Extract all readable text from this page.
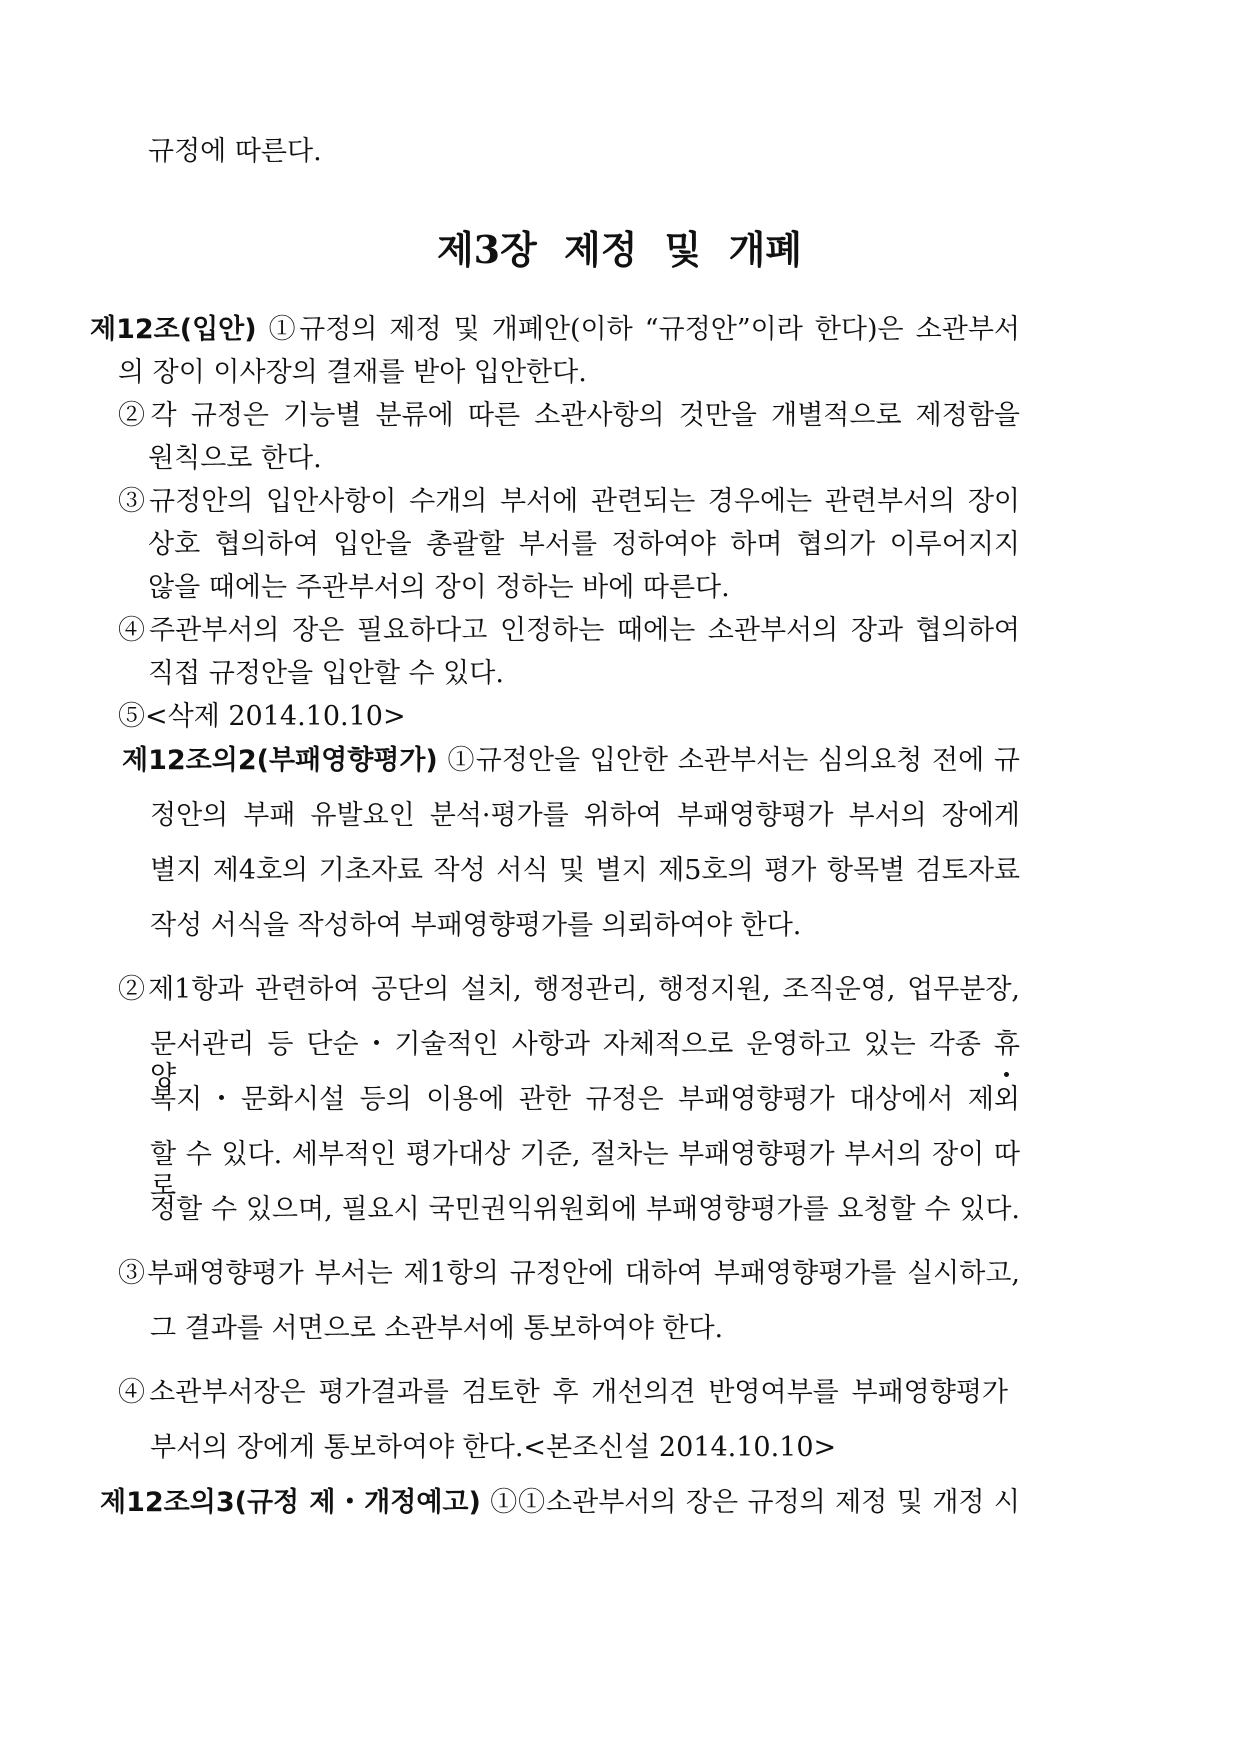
규정에 따른다.
제3장 제정 및 개폐
제12조(입안) ①규정의 제정 및 개폐안(이하 “규정안”이라 한다)은 소관부서
의 장이 이사장의 결재를 받아 입안한다.
②각 규정은 기능별 분류에 따른 소관사항의 것만을 개별적으로 제정함을
원칙으로 한다.
③규정안의 입안사항이 수개의 부서에 관련되는 경우에는 관련부서의 장이
상호 협의하여 입안을 총괄할 부서를 정하여야 하며 협의가 이루어지지
않을 때에는 주관부서의 장이 정하는 바에 따른다.
④주관부서의 장은 필요하다고 인정하는 때에는 소관부서의 장과 협의하여
직접 규정안을 입안할 수 있다.
⑤<삭제 2014.10.10>
제12조의2(부패영향평가) ①규정안을 입안한 소관부서는 심의요청 전에 규
정안의 부패 유발요인 분석·평가를 위하여 부패영향평가 부서의 장에게
별지 제4호의 기초자료 작성 서식 및 별지 제5호의 평가 항목별 검토자료
작성 서식을 작성하여 부패영향평가를 의뢰하여야 한다.
②제1항과 관련하여 공단의 설치, 행정관리, 행정지원, 조직운영, 업무분장,
문서관리 등 단순・기술적인 사항과 자체적으로 운영하고 있는 각종 휴양・
복지・문화시설 등의 이용에 관한 규정은 부패영향평가 대상에서 제외
할 수 있다. 세부적인 평가대상 기준, 절차는 부패영향평가 부서의 장이 따로
정할 수 있으며, 필요시 국민권익위원회에 부패영향평가를 요청할 수 있다.
③부패영향평가 부서는 제1항의 규정안에 대하여 부패영향평가를 실시하고,
그 결과를 서면으로 소관부서에 통보하여야 한다.
④소관부서장은 평가결과를 검토한 후 개선의견 반영여부를 부패영향평가
부서의 장에게 통보하여야 한다.<본조신설 2014.10.10>
제12조의3(규정 제・개정예고) ①①소관부서의 장은 규정의 제정 및 개정 시
